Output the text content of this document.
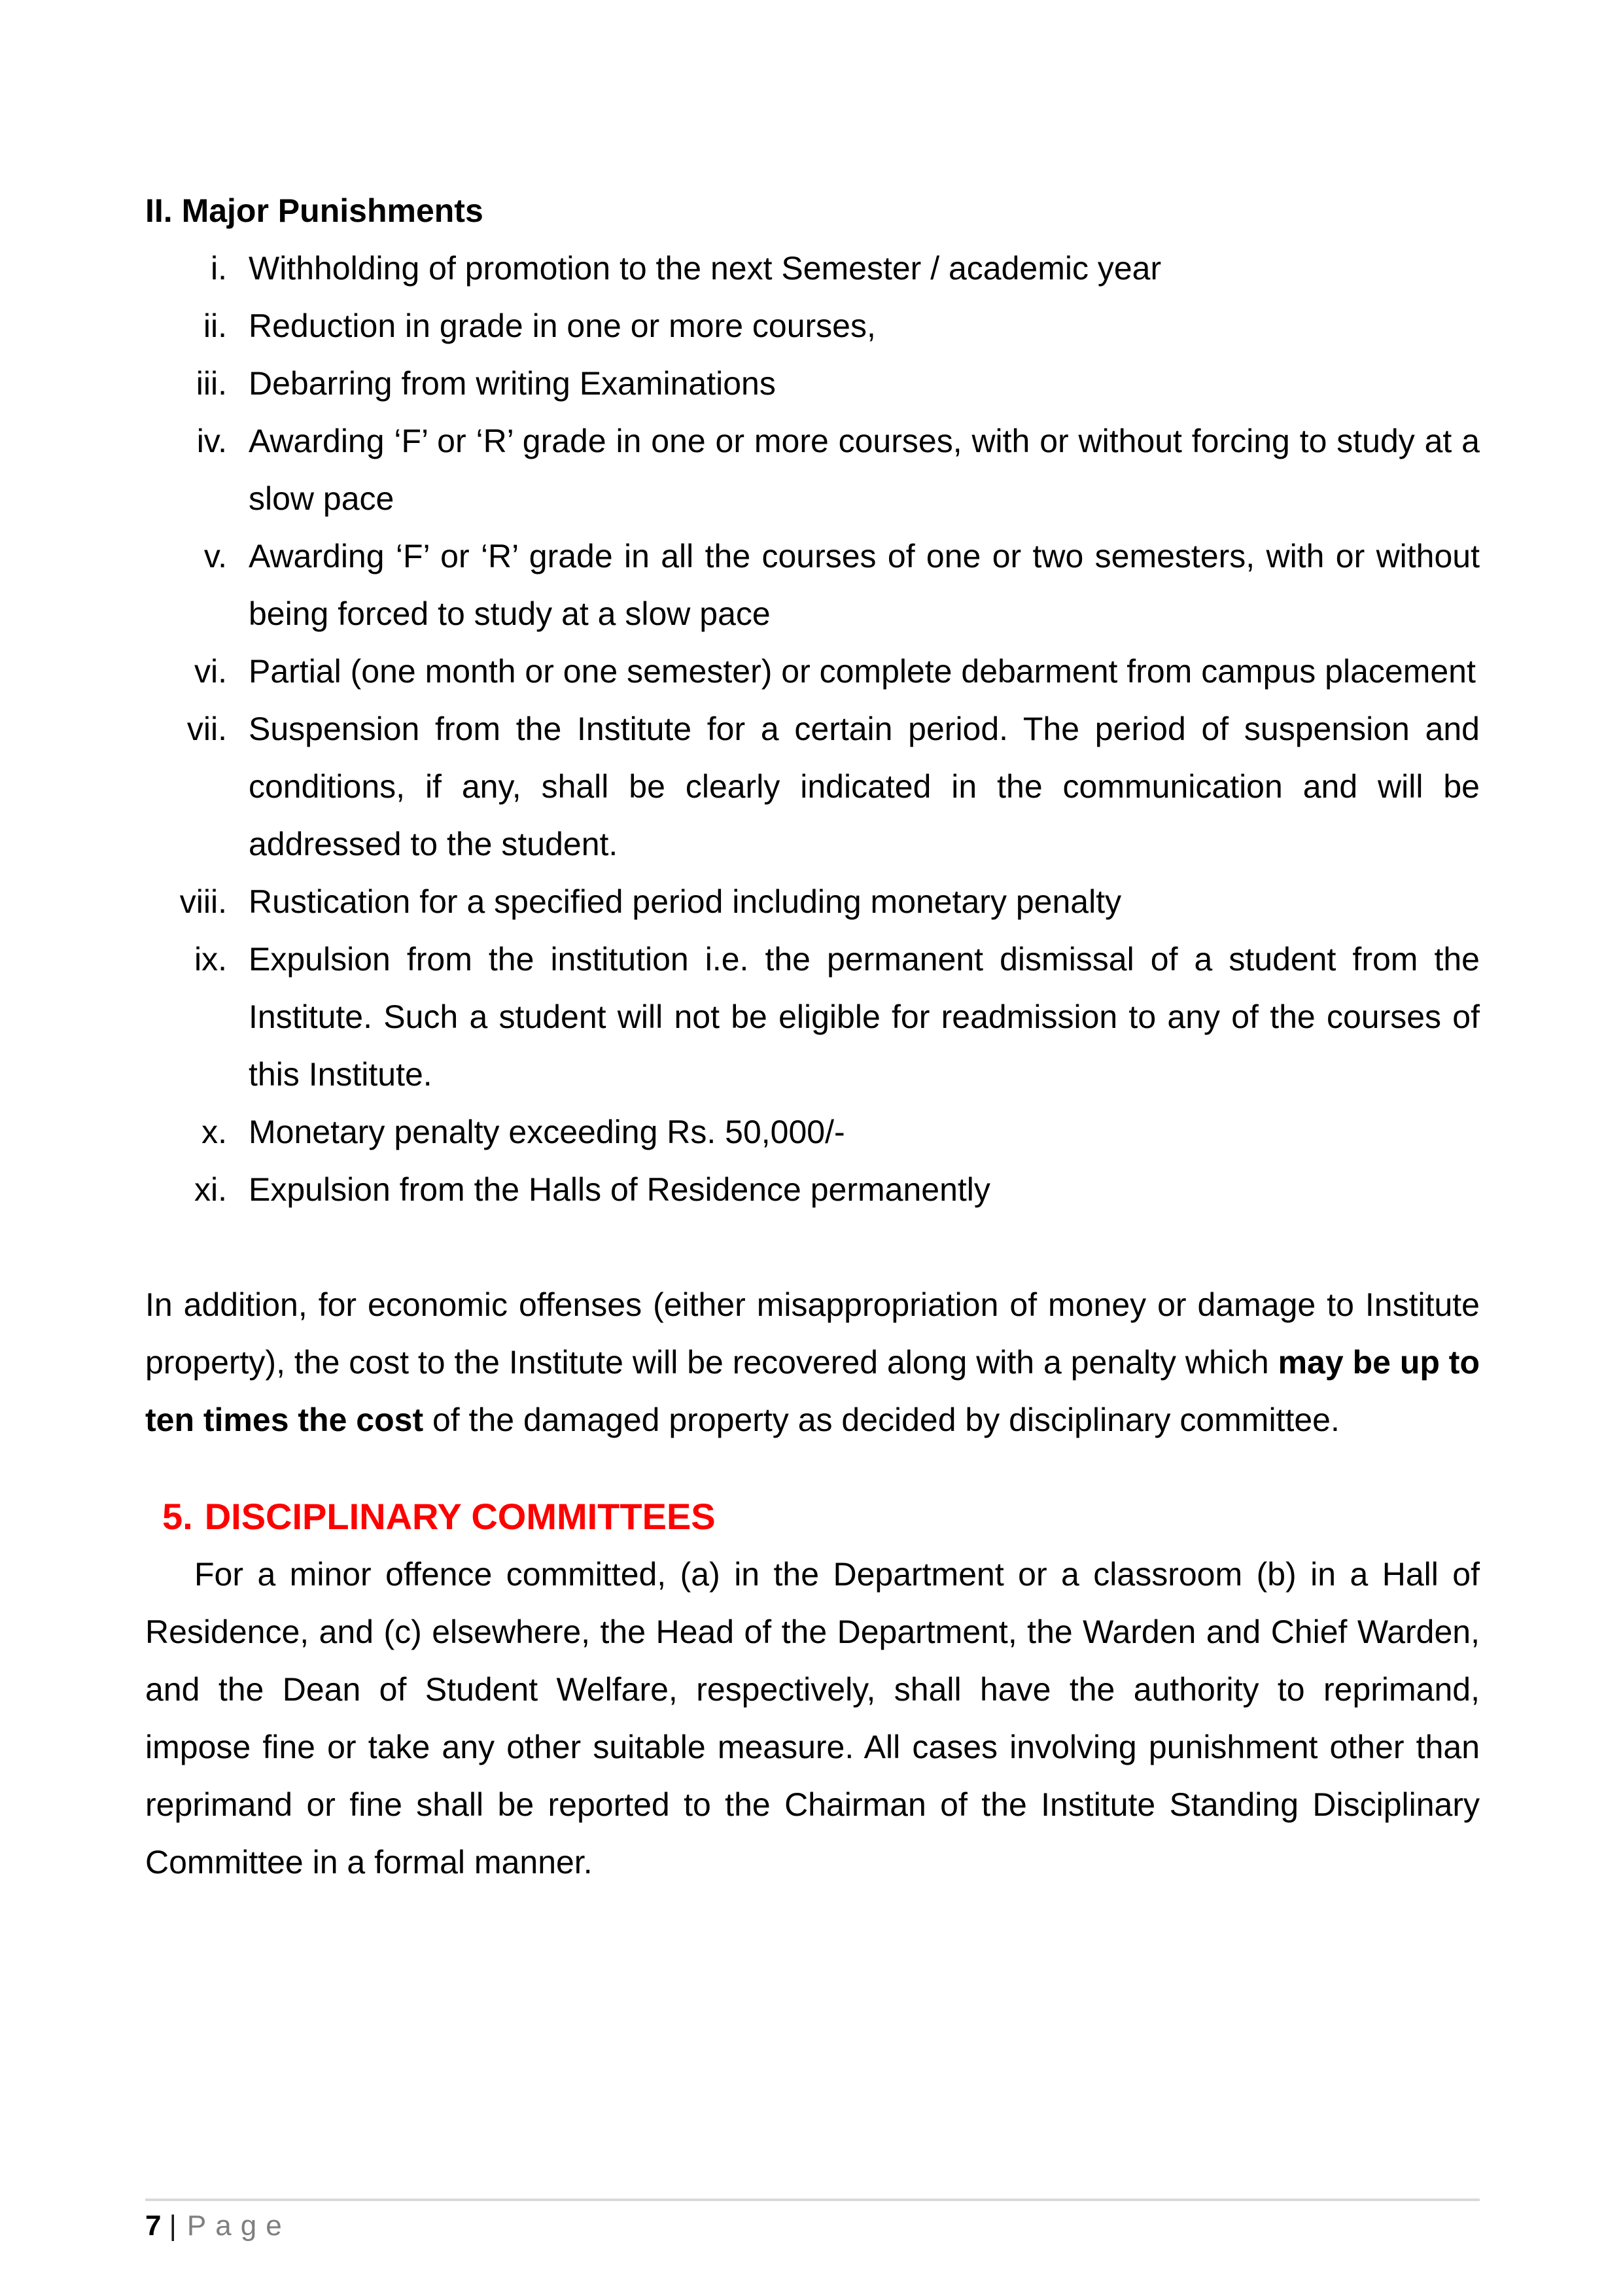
II. Major Punishments

i. Withholding of promotion to the next Semester / academic year
ii. Reduction in grade in one or more courses,
iii. Debarring from writing Examinations
iv. Awarding ‘F’ or ‘R’ grade in one or more courses, with or without forcing to study at a slow pace
v. Awarding ‘F’ or ‘R’ grade in all the courses of one or two semesters, with or without being forced to study at a slow pace
vi. Partial (one month or one semester) or complete debarment from campus placement
vii. Suspension from the Institute for a certain period. The period of suspension and conditions, if any, shall be clearly indicated in the communication and will be addressed to the student.
viii. Rustication for a specified period including monetary penalty
ix. Expulsion from the institution i.e. the permanent dismissal of a student from the Institute. Such a student will not be eligible for readmission to any of the courses of this Institute.
x. Monetary penalty exceeding Rs. 50,000/-
xi. Expulsion from the Halls of Residence permanently

In addition, for economic offenses (either misappropriation of money or damage to Institute property), the cost to the Institute will be recovered along with a penalty which may be up to ten times the cost of the damaged property as decided by disciplinary committee.

5. DISCIPLINARY COMMITTEES

For a minor offence committed, (a) in the Department or a classroom (b) in a Hall of Residence, and (c) elsewhere, the Head of the Department, the Warden and Chief Warden, and the Dean of Student Welfare, respectively, shall have the authority to reprimand, impose fine or take any other suitable measure. All cases involving punishment other than reprimand or fine shall be reported to the Chairman of the Institute Standing Disciplinary Committee in a formal manner.

7 | Page
